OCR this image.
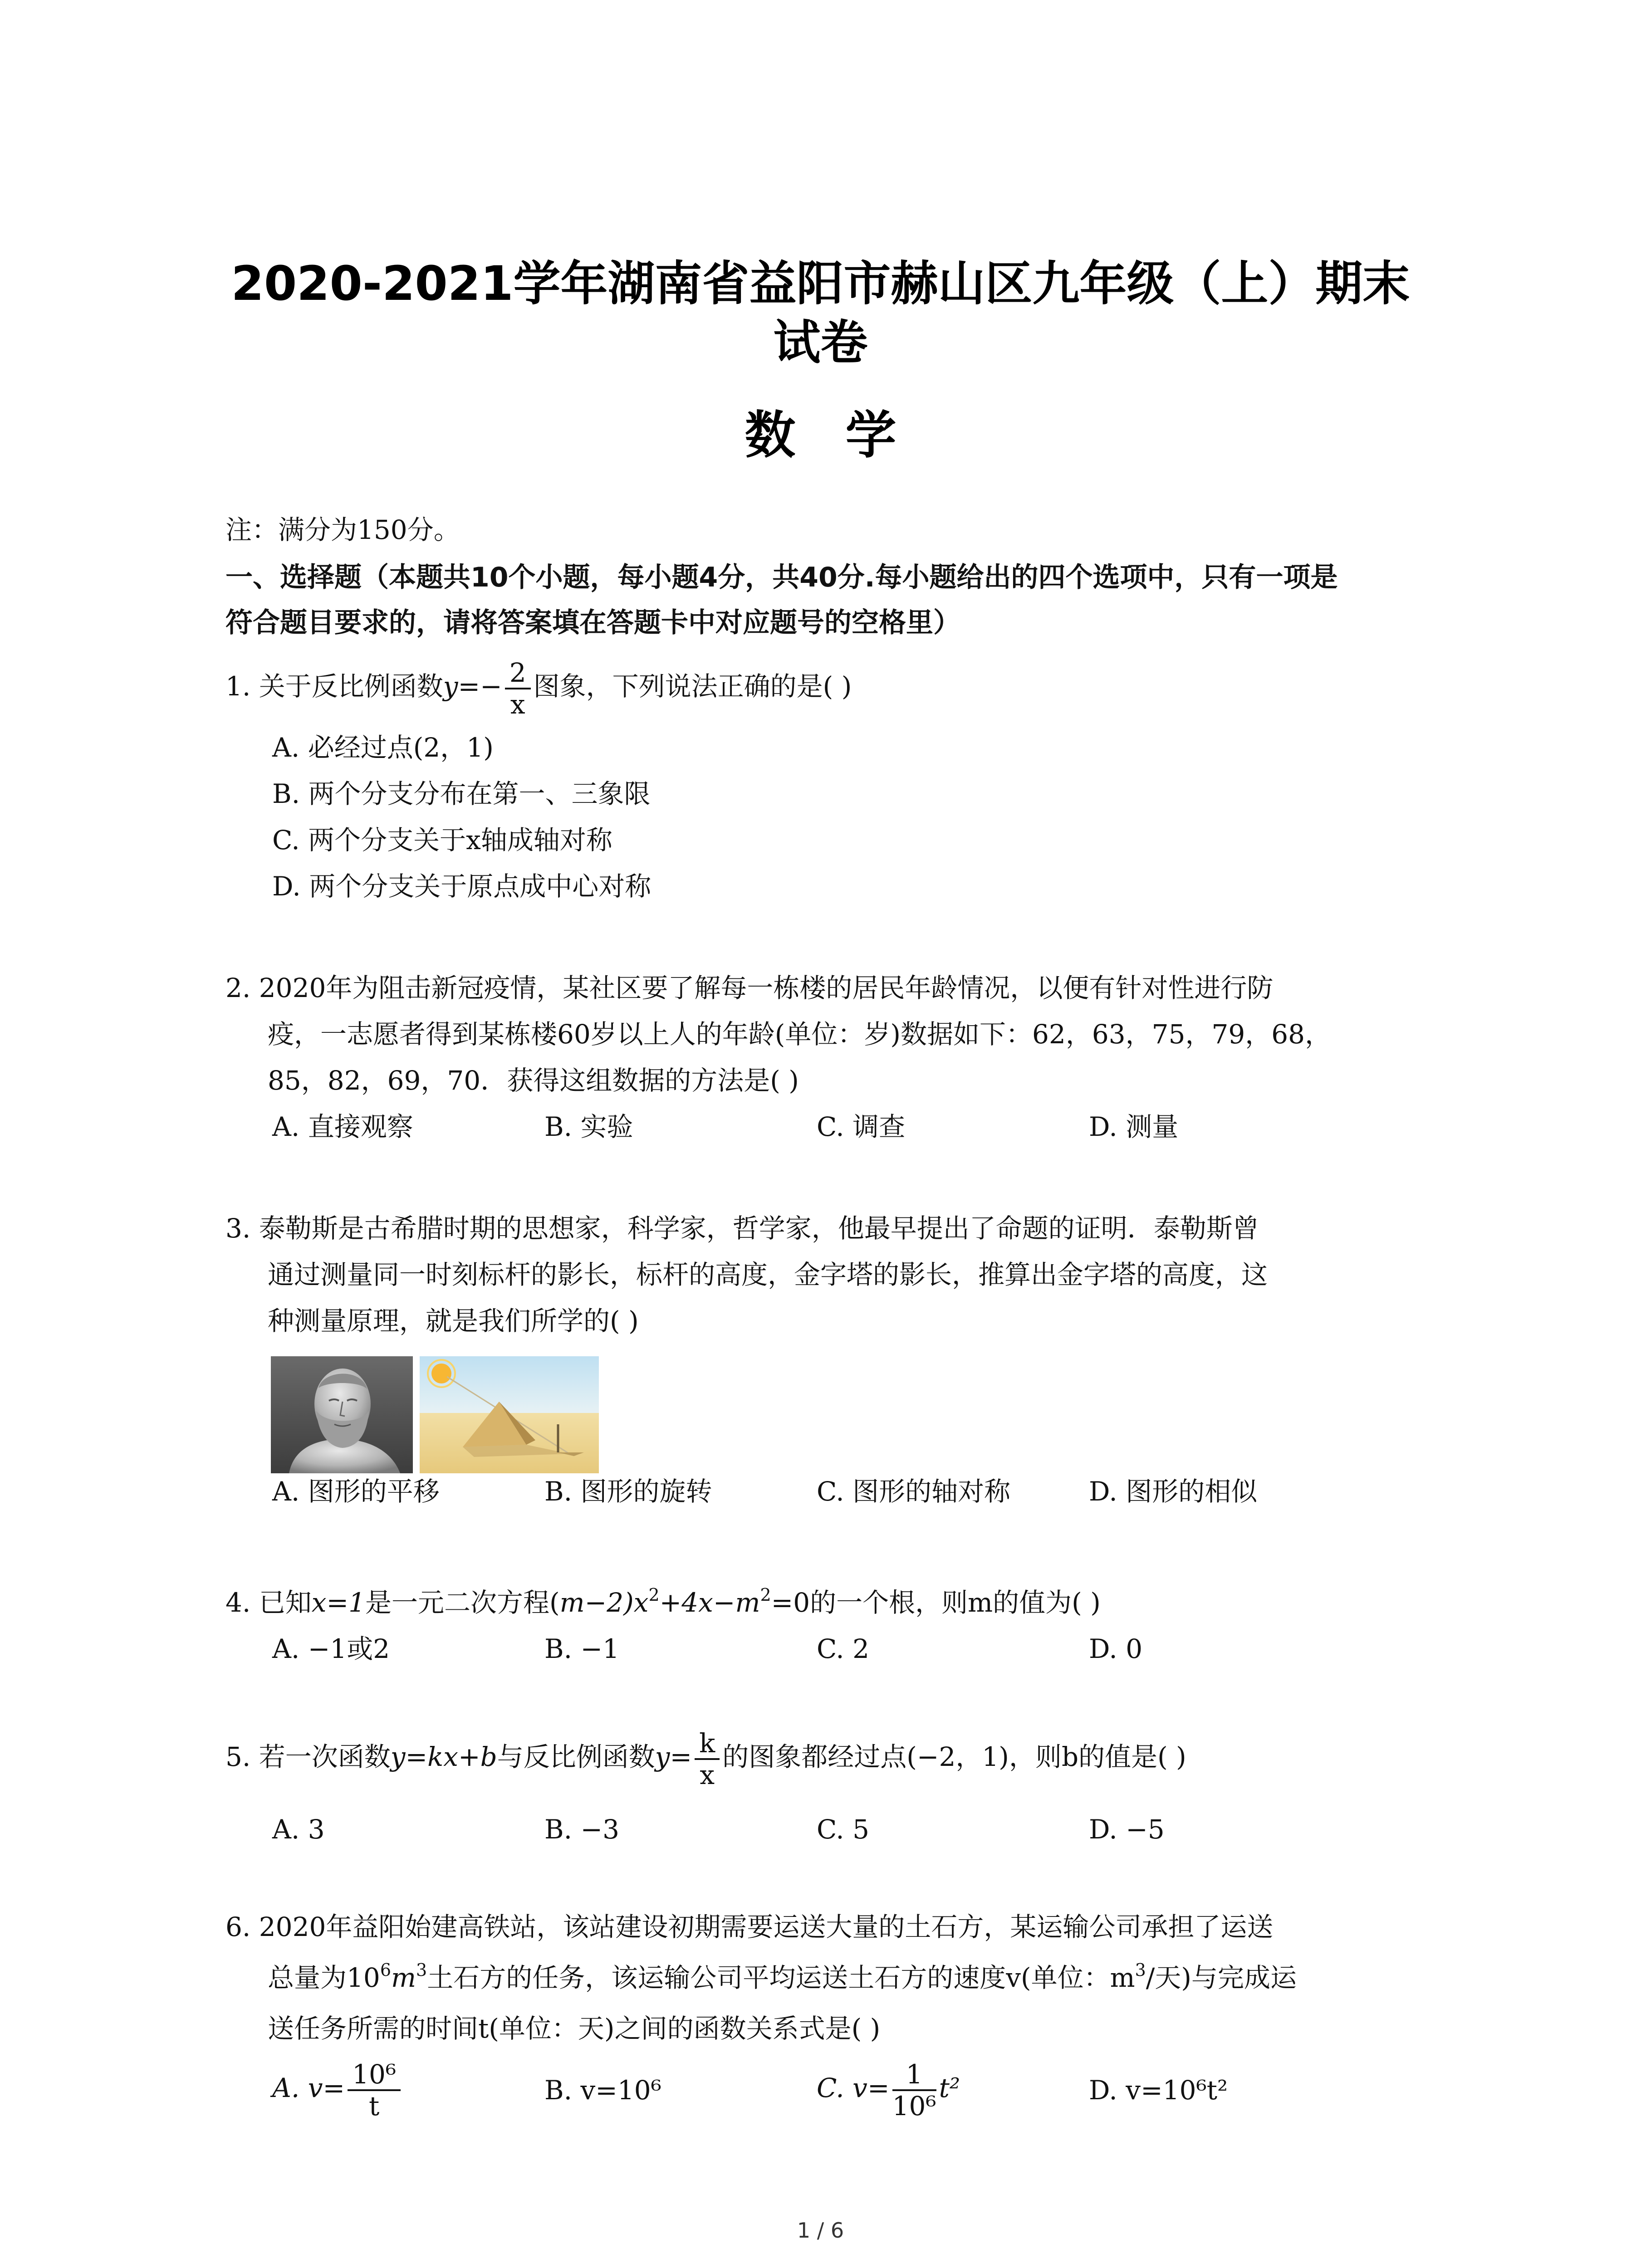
2020-2021学年湖南省益阳市赫山区九年级（上）期末
试卷
数学
注：满分为150分。
一、选择题（本题共10个小题，每小题4分，共40分.每小题给出的四个选项中，只有一项是
符合题目要求的，请将答案填在答题卡中对应题号的空格里）
1. 关于反比例函数$y=- \frac{2}{x}$ 图象，下列说法正确的是( )
A. 必经过点(2，1)
B. 两个分支分布在第一、三象限
C. 两个分支关于x轴成轴对称
D. 两个分支关于原点成中心对称
2. 2020年为阻击新冠疫情，某社区要了解每一栋楼的居民年龄情况，以便有针对性进行防
疫，一志愿者得到某栋楼60岁以上人的年龄(单位：岁)数据如下：62，63，75，79，68，
85，82，69，70．获得这组数据的方法是( )
A. 直接观察	B. 实验	C. 调查	D. 测量
3. 泰勒斯是古希腊时期的思想家，科学家，哲学家，他最早提出了命题的证明．泰勒斯曾
通过测量同一时刻标杆的影长，标杆的高度，金字塔的影长，推算出金字塔的高度，这
种测量原理，就是我们所学的( )
A. 图形的平移	B. 图形的旋转	C. 图形的轴对称	D. 图形的相似
4. 已知x=1是一元二次方程$(m-2)x^2+4x-m^2=0$的一个根，则m的值为( )
A. −1或2	B. −1	C. 2	D. 0
5. 若一次函数y=kx+b与反比例函数$y= \frac{k}{x}$ 的图象都经过点(−2，1)，则b的值是( )
A. 3	B. −3	C. 5	D. −5
6. 2020年益阳始建高铁站，该站建设初期需要运送大量的土石方，某运输公司承担了运送
总量为$10^6m^3$土石方的任务，该运输公司平均运送土石方的速度v(单位：$m^3/$天)与完成运
送任务所需的时间t(单位：天)之间的函数关系式是( )
A. $v= \frac{\text{10⁶}}{t}$	B. v=10⁶	C. $v= \frac{1}{\text{10⁶}} t^2$	D. v=10⁶t²
1 / 6
